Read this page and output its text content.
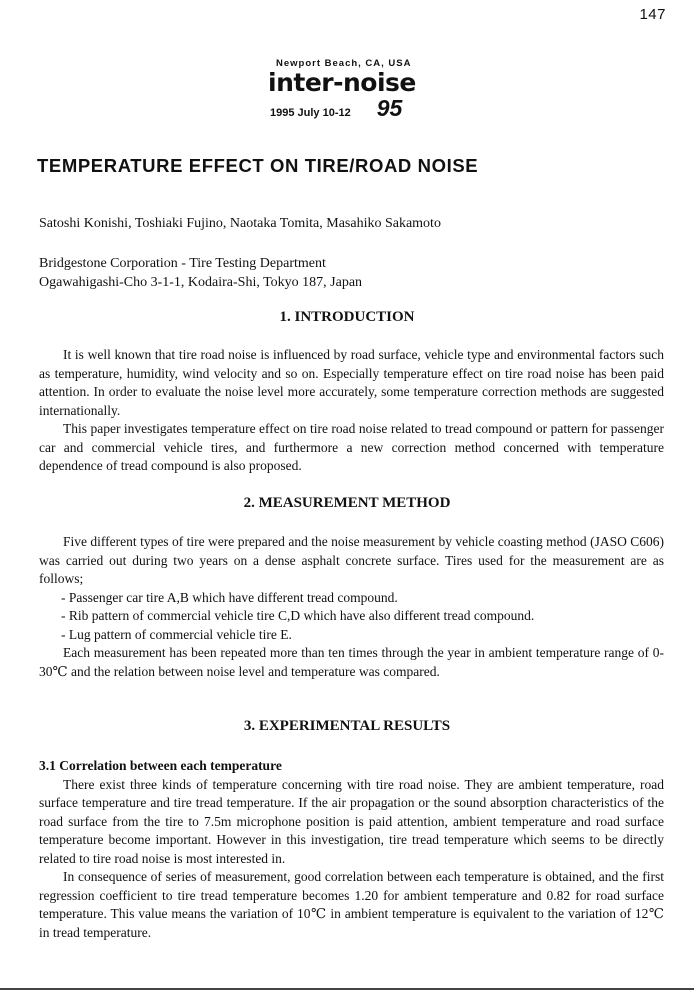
147
Newport Beach, CA, USA
inter-noise
1995 July 10-12 95
TEMPERATURE EFFECT ON TIRE/ROAD NOISE
Satoshi Konishi, Toshiaki Fujino, Naotaka Tomita, Masahiko Sakamoto
Bridgestone Corporation - Tire Testing Department
Ogawahigashi-Cho 3-1-1, Kodaira-Shi, Tokyo 187, Japan
1. INTRODUCTION

It is well known that tire road noise is influenced by road surface, vehicle type and environmental factors such as temperature, humidity, wind velocity and so on. Especially temperature effect on tire road noise has been paid attention. In order to evaluate the noise level more accurately, some temperature correction methods are suggested internationally.

This paper investigates temperature effect on tire road noise related to tread compound or pattern for passenger car and commercial vehicle tires, and furthermore a new correction method concerned with temperature dependence of tread compound is also proposed.

2. MEASUREMENT METHOD

Five different types of tire were prepared and the noise measurement by vehicle coasting method (JASO C606) was carried out during two years on a dense asphalt concrete surface. Tires used for the measurement are as follows;

- Passenger car tire A,B which have different tread compound.

- Rib pattern of commercial vehicle tire C,D which have also different tread compound.

- Lug pattern of commercial vehicle tire E.

Each measurement has been repeated more than ten times through the year in ambient temperature range of 0-30℃ and the relation between noise level and temperature was compared.

3. EXPERIMENTAL RESULTS

3.1 Correlation between each temperature

There exist three kinds of temperature concerning with tire road noise. They are ambient temperature, road surface temperature and tire tread temperature. If the air propagation or the sound absorption characteristics of the road surface from the tire to 7.5m microphone position is paid attention, ambient temperature and road surface temperature become important. However in this investigation, tire tread temperature which seems to be directly related to tire road noise is most interested in.

In consequence of series of measurement, good correlation between each temperature is obtained, and the first regression coefficient to tire tread temperature becomes 1.20 for ambient temperature and 0.82 for road surface temperature. This value means the variation of 10℃ in ambient temperature is equivalent to the variation of 12℃ in tread temperature.
